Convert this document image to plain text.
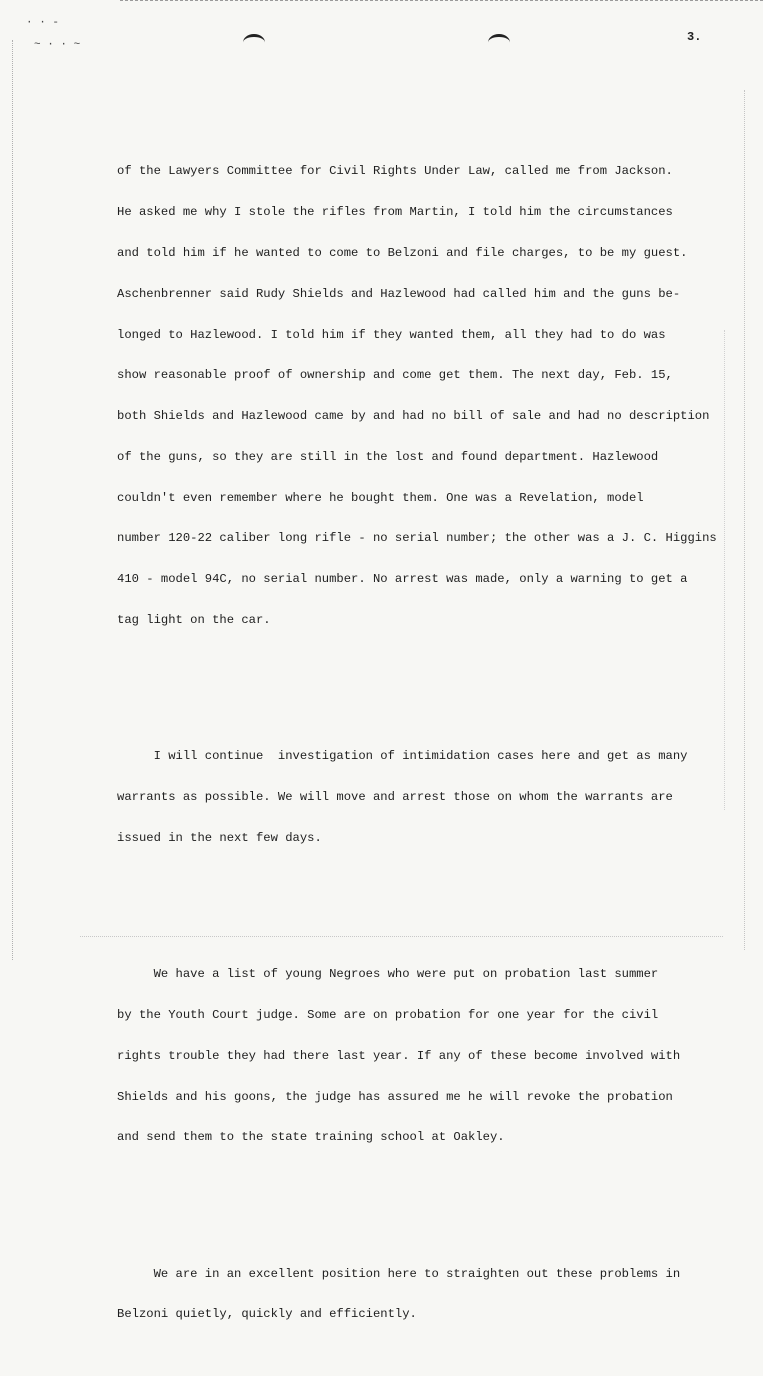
· · -
~ · · ~
3.

of the Lawyers Committee for Civil Rights Under Law, called me from Jackson.

He asked me why I stole the rifles from Martin, I told him the circumstances

and told him if he wanted to come to Belzoni and file charges, to be my guest.

Aschenbrenner said Rudy Shields and Hazlewood had called him and the guns be-

longed to Hazlewood. I told him if they wanted them, all they had to do was

show reasonable proof of ownership and come get them. The next day, Feb. 15,

both Shields and Hazlewood came by and had no bill of sale and had no description

of the guns, so they are still in the lost and found department. Hazlewood

couldn't even remember where he bought them. One was a Revelation, model

number 120-22 caliber long rifle - no serial number; the other was a J. C. Higgins

410 - model 94C, no serial number. No arrest was made, only a warning to get a

tag light on the car.

I will continue  investigation of intimidation cases here and get as many

warrants as possible. We will move and arrest those on whom the warrants are

issued in the next few days.

We have a list of young Negroes who were put on probation last summer

by the Youth Court judge. Some are on probation for one year for the civil

rights trouble they had there last year. If any of these become involved with

Shields and his goons, the judge has assured me he will revoke the probation

and send them to the state training school at Oakley.

We are in an excellent position here to straighten out these problems in

Belzoni quietly, quickly and efficiently.
